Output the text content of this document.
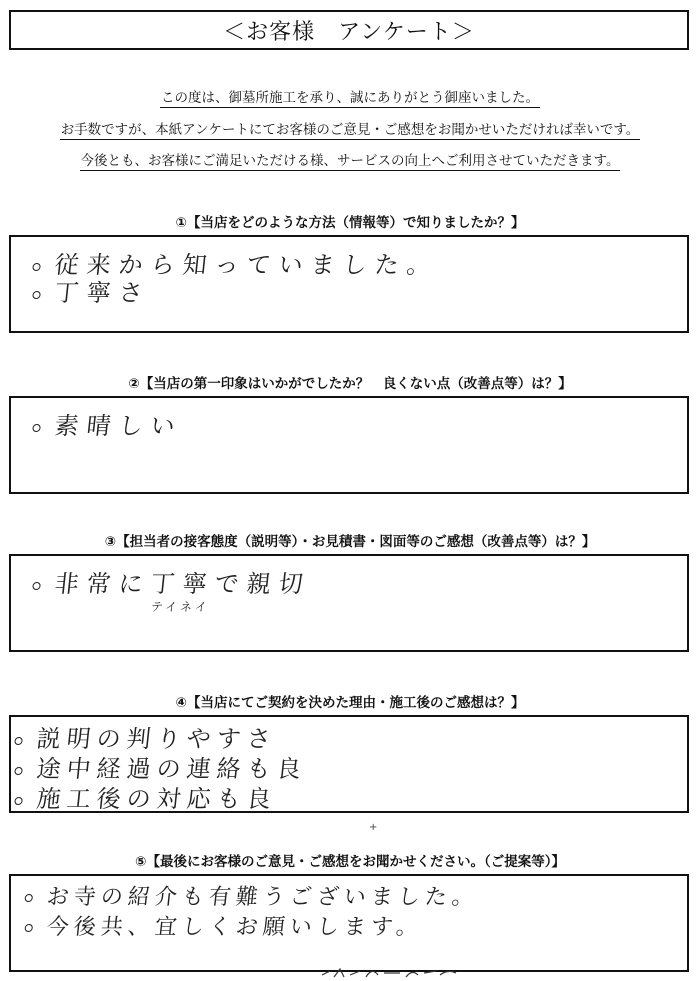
＜お客様　アンケート＞
この度は、御墓所施工を承り、誠にありがとう御座いました。
お手数ですが、本紙アンケートにてお客様のご意見・ご感想をお聞かせいただければ幸いです。
今後とも、お客様にご満足いただける様、サービスの向上へご利用させていただきます。
①【当店をどのような方法（情報等）で知りましたか？】
従来から知っていました。
丁寧さ
②【当店の第一印象はいかがでしたか？　良くない点（改善点等）は？】
素晴しい
③【担当者の接客態度（説明等）・お見積書・図面等のご感想（改善点等）は？】
非常に丁寧で親切
テイネイ
④【当店にてご契約を決めた理由・施工後のご感想は？】
説明の判りやすさ
途中経過の連絡も良
施工後の対応も良
+
⑤【最後にお客様のご意見・ご感想をお聞かせください。（ご提案等）】
お寺の紹介も有難うございました。
今後共、宜しくお願いします。
